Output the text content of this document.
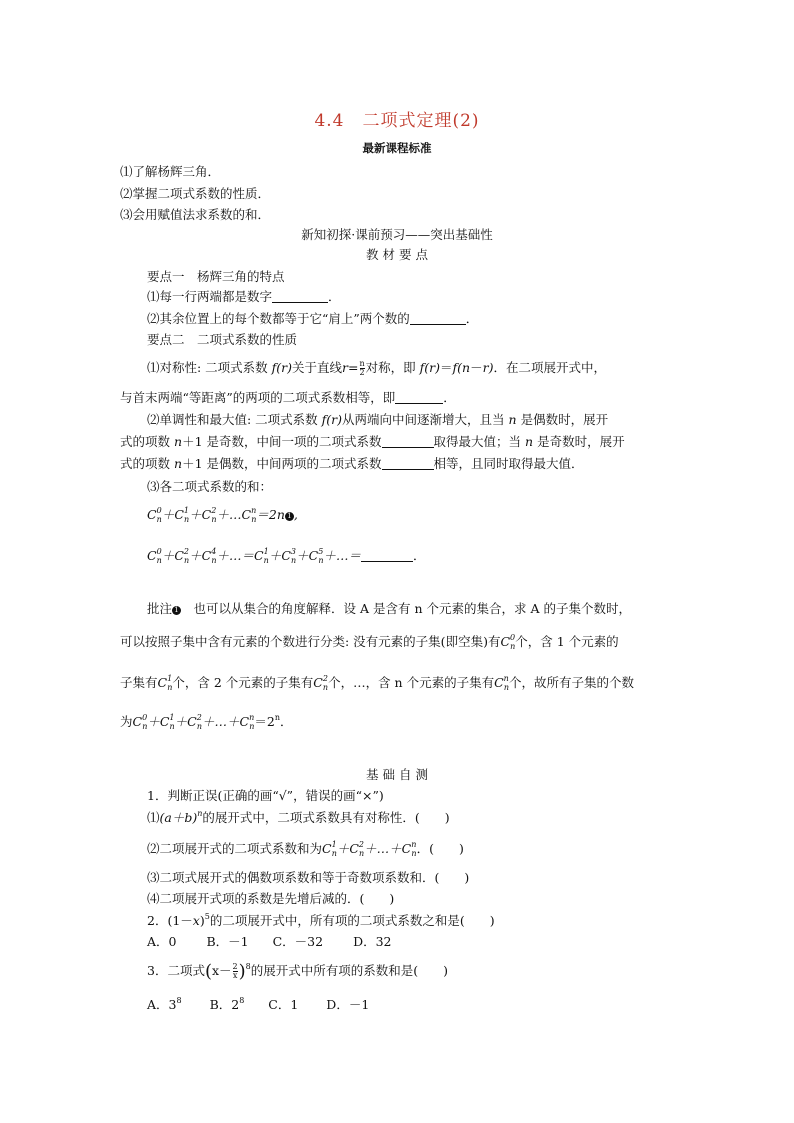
4.4　二项式定理(2)
最新课程标准
⑴了解杨辉三角．
⑵掌握二项式系数的性质．
⑶会用赋值法求系数的和．
新知初探·课前预习——突出基础性
教 材 要 点
要点一　杨辉三角的特点
⑴每一行两端都是数字	．
⑵其余位置上的每个数都等于它“肩上”两个数的	．
要点二　二项式系数的性质
⑴对称性: 二项式系数 f(r)关于直线$r= \frac{n}{2}$ 对称，即 f(r)＝f(n－r)．在二项展开式中，
与首末两端“等距离”的两项的二项式系数相等，即	．
⑵单调性和最大值: 二项式系数 f(r)从两端向中间逐渐增大，且当 n 是偶数时，展开
式的项数 n＋1 是奇数，中间一项的二项式系数	取得最大值；当 n 是奇数时，展开
式的项数 n＋1 是偶数，中间两项的二项式系数	相等，且同时取得最大值．
⑶各二项式系数的和：
$C^0_n+C^1_n+C^2_n+\dots C^n_n=2n$ 1 ,
$C^0_n+C^2_n+C^4_n+\dots=C^1_n+C^3_n+C^5_n+\dots=$	．
批注 1　 也可以从集合的角度解释．设 A 是含有 n 个元素的集合，求 A 的子集个数时，
可以按照子集中含有元素的个数进行分类: 没有元素的子集(即空集)有$C^0_n$个，含 1 个元素的
子集有$C^1_n$个，含 2 个元素的子集有$C^2_n$个，…，含 n 个元素的子集有$C^n_n$个，故所有子集的个数
为$C^0_n+C^1_n+C^2_n+\dots+C^n_n=2^n$．
基 础 自 测
1．判断正误(正确的画“√”，错误的画“×”)
$⑴(a+b)^n$的展开式中，二项式系数具有对称性．(　　)
⑵二项展开式的二项式系数和为$C^1_n+C^2_n+\dots+C^n_n$．(　　)
⑶二项式展开式的偶数项系数和等于奇数项系数和．(　　)
⑷二项展开式项的系数是先增后减的．(　　)
2．$(1-x)^5$的二项展开式中，所有项的二项式系数之和是(　　)
A．0 B．－1 C．－32 D．32
3．二项式$(x- \frac{2}{x} )^8$的展开式中所有项的系数和是(　　)
A．$3^8$ B．$2^8$ C．1 D．－1
